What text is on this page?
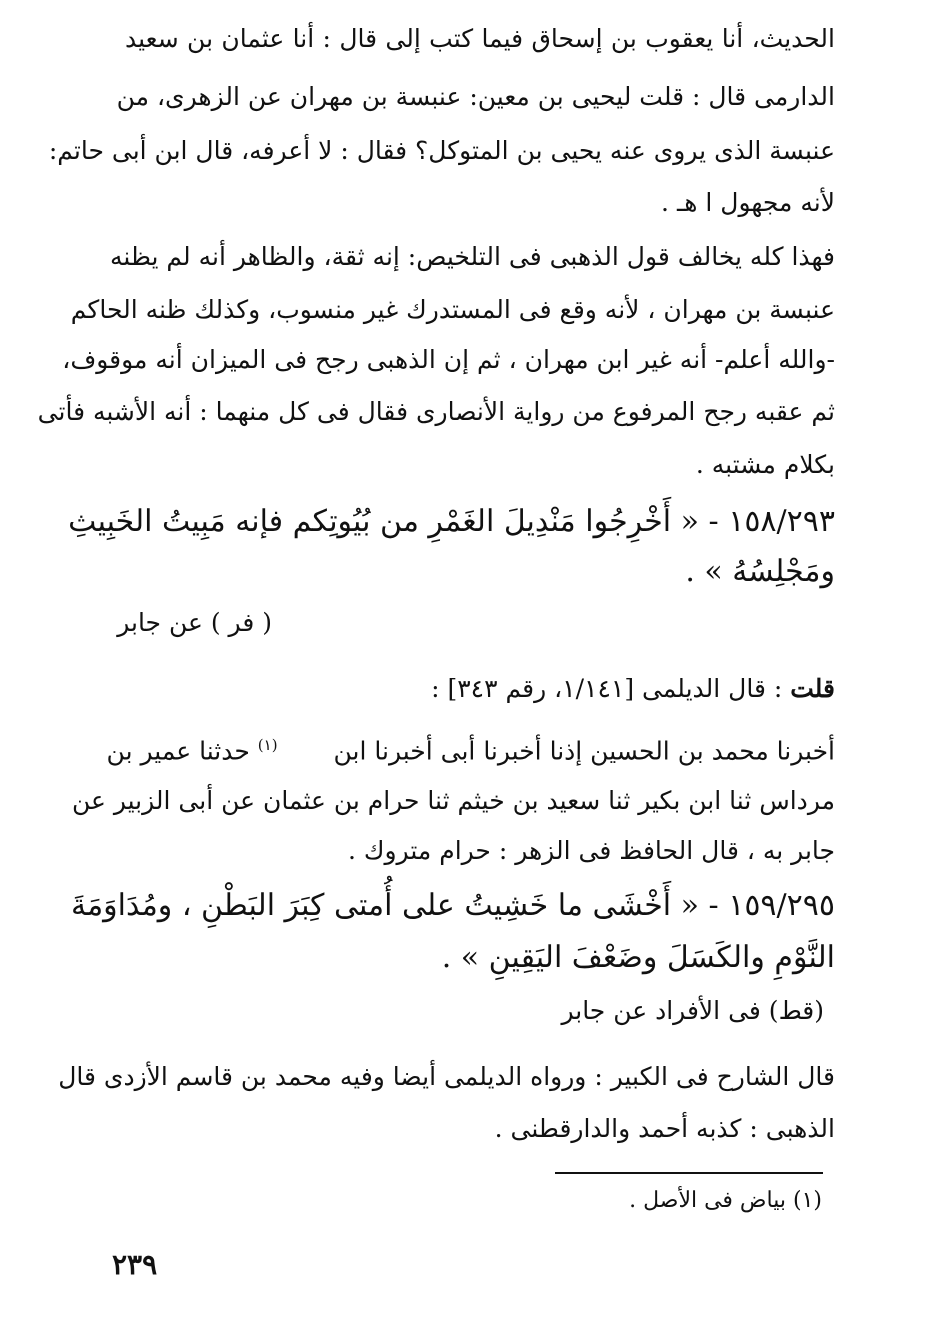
الحديث، أنا يعقوب بن إسحاق فيما كتب إلى قال : أنا عثمان بن سعيد
الدارمى قال : قلت ليحيى بن معين: عنبسة بن مهران عن الزهرى، من
عنبسة الذى يروى عنه يحيى بن المتوكل؟ فقال : لا أعرفه، قال ابن أبى حاتم:
لأنه مجهول ا هـ .
فهذا كله يخالف قول الذهبى فى التلخيص: إنه ثقة، والظاهر أنه لم يظنه
عنبسة بن مهران ، لأنه وقع فى المستدرك غير منسوب، وكذلك ظنه الحاكم
-والله أعلم- أنه غير ابن مهران ، ثم إن الذهبى رجح فى الميزان أنه موقوف،
ثم عقبه رجح المرفوع من رواية الأنصارى فقال فى كل منهما : أنه الأشبه فأتى
بكلام مشتبه .
١٥٨/٢٩٣ - « أَخْرِجُوا مَنْدِيلَ الغَمْرِ من بُيُوتِكم فإنه مَبِيتُ الخَبِيثِ
ومَجْلِسُهُ » .
( فر ) عن جابر
قلت : قال الديلمى [١/١٤١، رقم ٣٤٣] :
أخبرنا محمد بن الحسين إذنا أخبرنا أبى أخبرنا ابن  $^{(١)}$ حدثنا عمير بن
مرداس ثنا ابن بكير ثنا سعيد بن خيثم ثنا حرام بن عثمان عن أبى الزبير عن
جابر به ، قال الحافظ فى الزهر : حرام متروك .
١٥٩/٢٩٥ - « أَخْشَى ما خَشِيتُ على أُمتى كِبَرَ البَطْنِ ، ومُدَاوَمَةَ
النَّوْمِ والكَسَلَ وضَعْفَ اليَقِينِ » .
(قط) فى الأفراد عن جابر
قال الشارح فى الكبير : ورواه الديلمى أيضا وفيه محمد بن قاسم الأزدى قال
الذهبى : كذبه أحمد والدارقطنى .
(١) بياض فى الأصل .
٢٣٩
